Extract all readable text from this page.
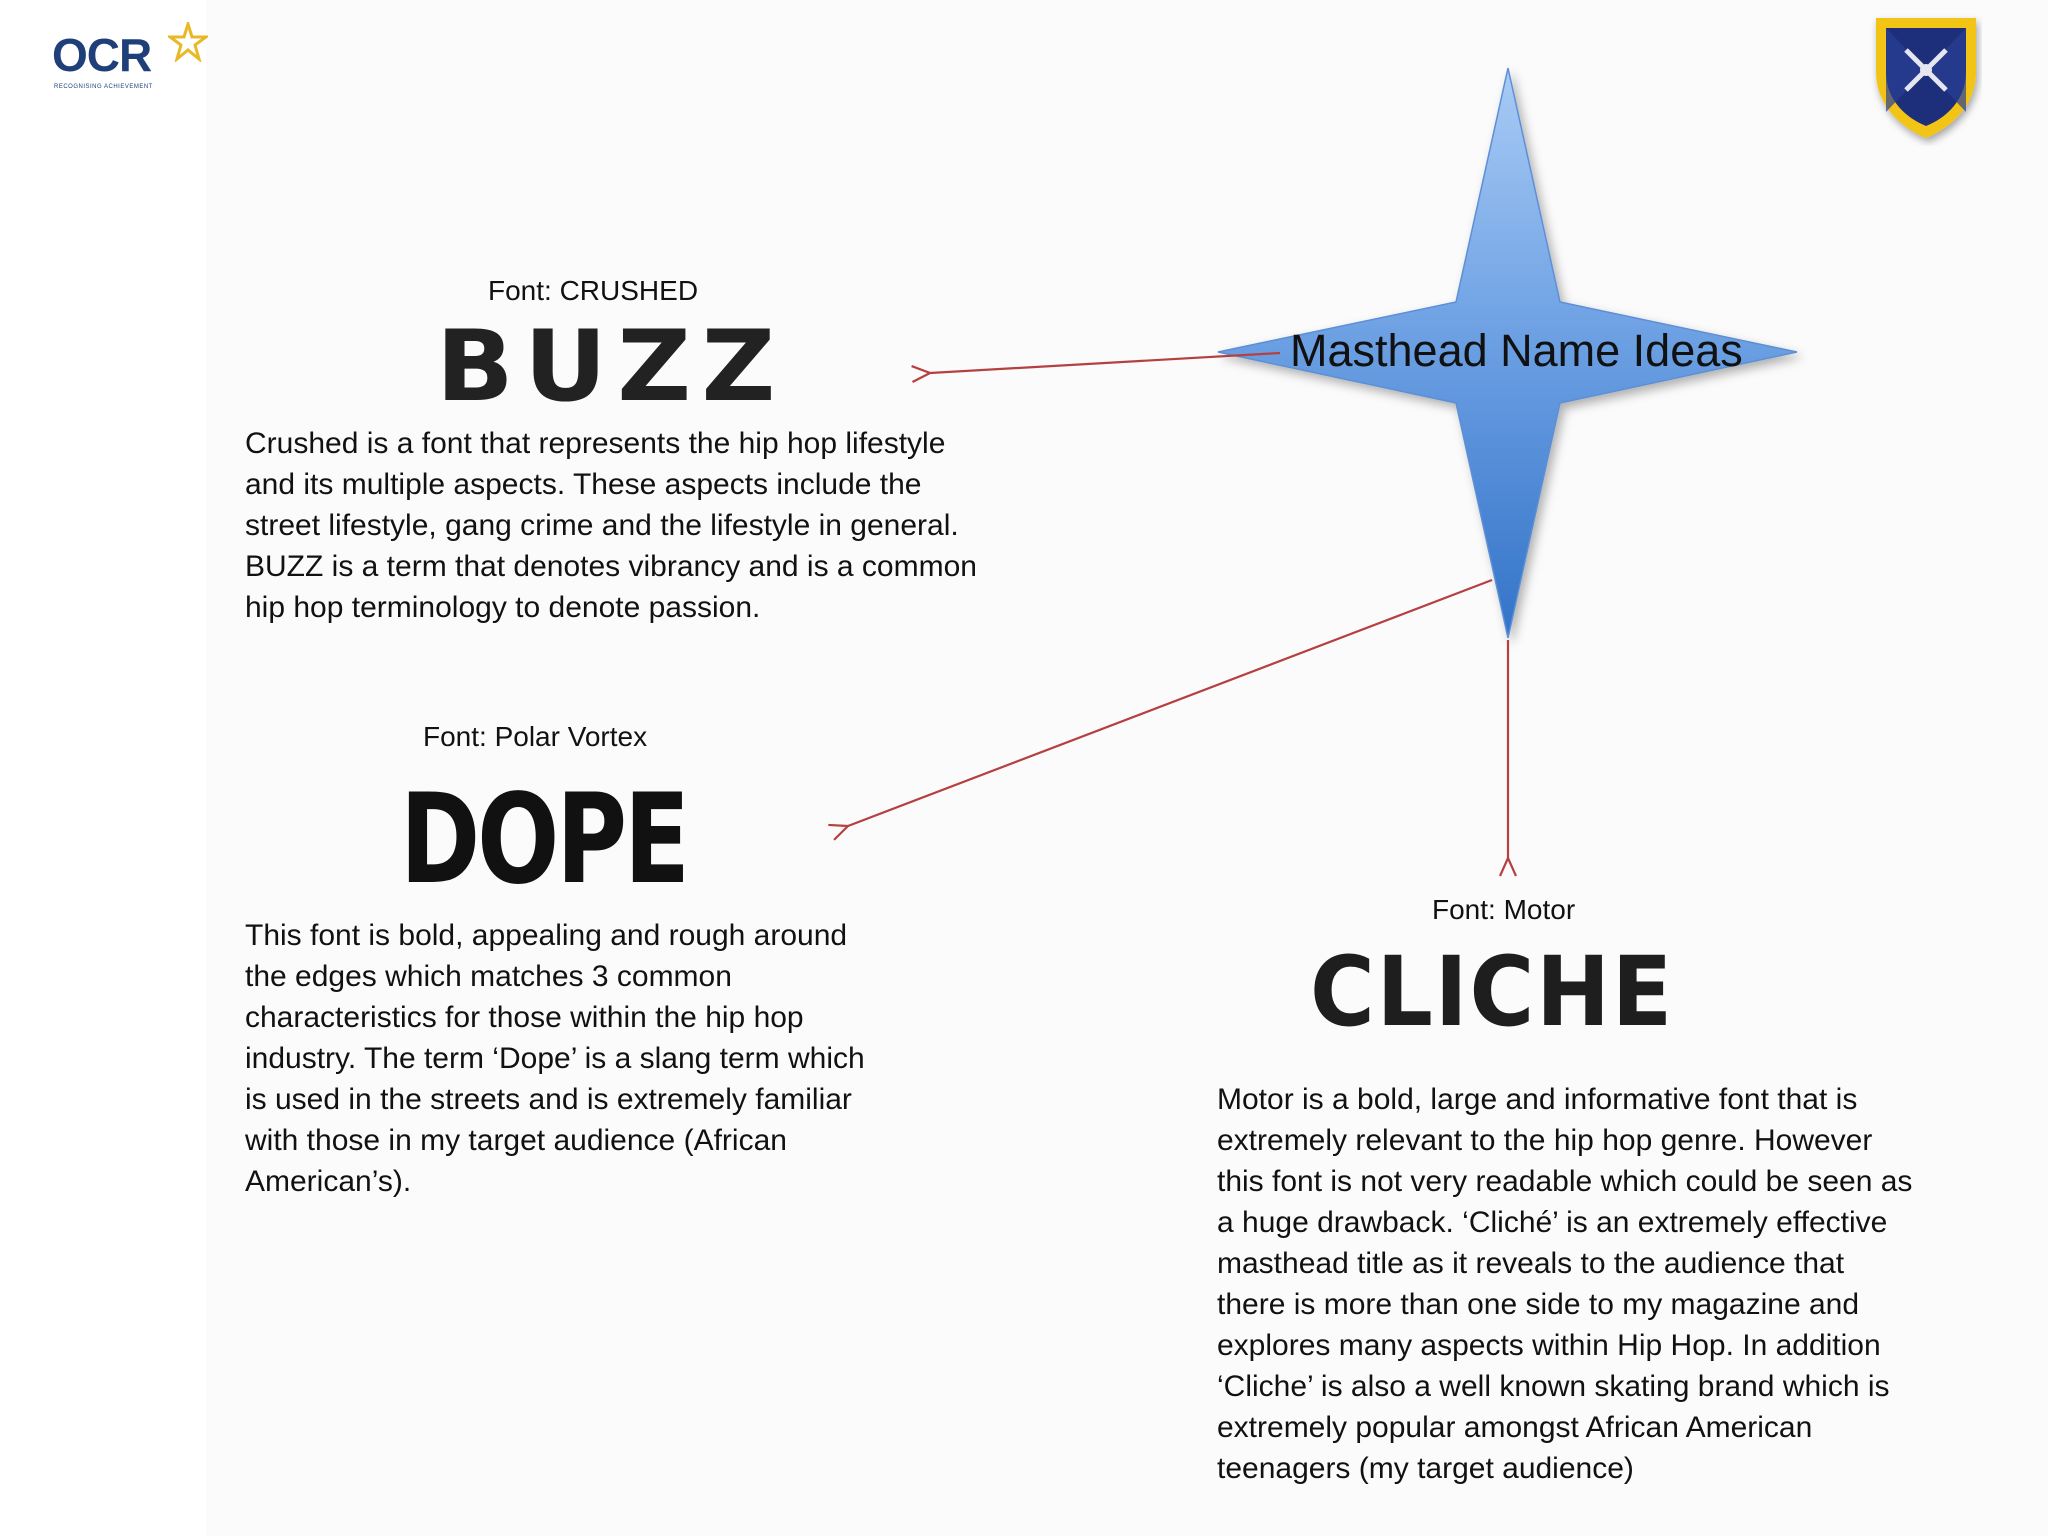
OCR
RECOGNISING ACHIEVEMENT
Masthead Name Ideas
Font: CRUSHED
BUZZ

Crushed is a font that represents the hip hop lifestyle
and its multiple aspects. These aspects include the
street lifestyle, gang crime and the lifestyle in general.
BUZZ is a term that denotes vibrancy and is a common
hip hop terminology to denote passion.

Font: Polar Vortex
DOPE

This font is bold, appealing and rough around
the edges which matches 3 common
characteristics for those within the hip hop
industry. The term ‘Dope’ is a slang term which
is used in the streets and is extremely familiar
with those in my target audience (African
American’s).

Font: Motor
CLICHE

Motor is a bold, large and informative font that is
extremely relevant to the hip hop genre. However
this font is not very readable which could be seen as
a huge drawback. ‘Cliché’ is an extremely effective
masthead title as it reveals to the audience that
there is more than one side to my magazine and
explores many aspects within Hip Hop. In addition
‘Cliche’ is also a well known skating brand which is
extremely popular amongst African American
teenagers (my target audience)
